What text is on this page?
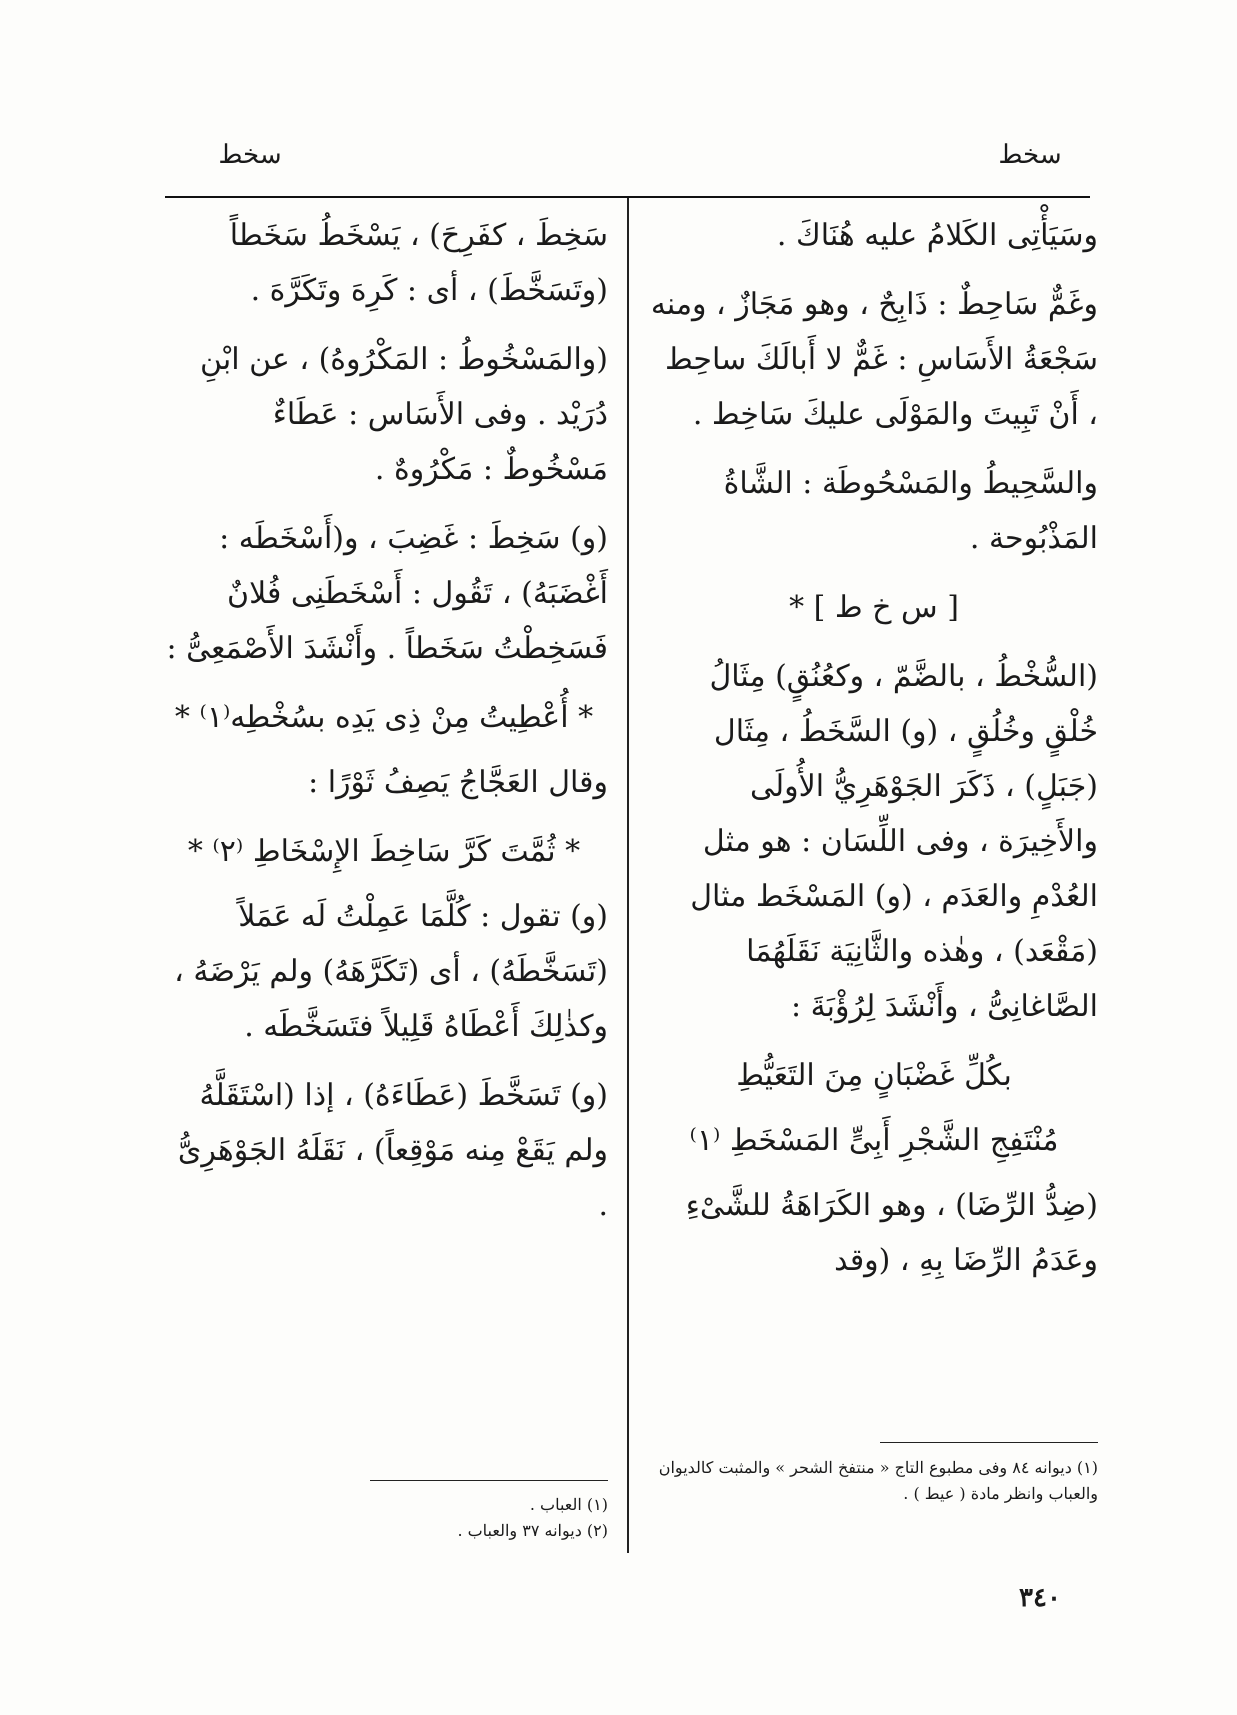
سخط
سخط

وسَيَأْتِى الكَلامُ عليه هُنَاكَ .

وغَمٌّ سَاحِطٌ : ذَابِحٌ ، وهو مَجَازٌ ، ومنه سَجْعَةُ الأَسَاسِ : غَمٌّ لا أَبالَكَ ساحِط ، أَنْ تَبِيتَ والمَوْلَى عليكَ سَاخِط .

والسَّحِيطُ والمَسْحُوطَة : الشَّاةُ المَذْبُوحة .

[ س خ ط ] *

(السُّخْطُ ، بالضَّمّ ، وكعُنُقٍ) مِثَالُ خُلْقٍ وخُلُقٍ ، (و) السَّخَطُ ، مِثَال (جَبَلٍ) ، ذَكَرَ الجَوْهَرِيُّ الأُولَى والأَخِيرَة ، وفى اللِّسَان : هو مثل العُدْمِ والعَدَم ، (و) المَسْخَط مثال (مَقْعَد) ، وهٰذه والثَّانِيَة نَقَلَهُمَا الصَّاغانِىُّ ، وأَنْشَدَ لِرُؤْبَةَ :

بكُلِّ غَضْبَانٍ مِنَ التَعَيُّطِ

مُنْتَفِجِ الشَّجْرِ أَبِىٍّ المَسْخَطِ ⁽١⁾

(ضِدُّ الرِّضَا) ، وهو الكَرَاهَةُ للشَّىْءِ وعَدَمُ الرِّضَا بِهِ ، (وقد

سَخِطَ ، كفَرِحَ) ، يَسْخَطُ سَخَطاً (وتَسَخَّطَ) ، أى : كَرِهَ وتَكَرَّهَ .

(والمَسْخُوطُ : المَكْرُوهُ) ، عن ابْنِ دُرَيْد . وفى الأَسَاس : عَطَاءٌ مَسْخُوطٌ : مَكْرُوهٌ .

(و) سَخِطَ : غَضِبَ ، و(أَسْخَطَه : أَغْضَبَهُ) ، تَقُول : أَسْخَطَنِى فُلانٌ فَسَخِطْتُ سَخَطاً . وأَنْشَدَ الأَصْمَعِىُّ :

* أُعْطِيتُ مِنْ ذِى يَدِه بسُخْطِه⁽١⁾ *

وقال العَجَّاجُ يَصِفُ ثَوْرًا :

* ثُمَّتَ كَرَّ سَاخِطَ الإِسْخَاطِ ⁽٢⁾ *

(و) تقول : كُلَّمَا عَمِلْتُ لَه عَمَلاً (تَسَخَّطَهُ) ، أى (تَكَرَّهَهُ) ولم يَرْضَهُ ، وكذٰلِكَ أَعْطَاهُ قَلِيلاً فتَسَخَّطَه .

(و) تَسَخَّطَ (عَطَاءَهُ) ، إذا (اسْتَقَلَّهُ ولم يَقَعْ مِنه مَوْقِعاً) ، نَقَلَهُ الجَوْهَرِىُّ .

(١) العباب .
(٢) ديوانه ٣٧ والعباب .
(١) ديوانه ٨٤ وفى مطبوع التاج « منتفخ الشحر » والمثبت كالديوان والعباب وانظر مادة ( عيط ) .
٣٤٠
